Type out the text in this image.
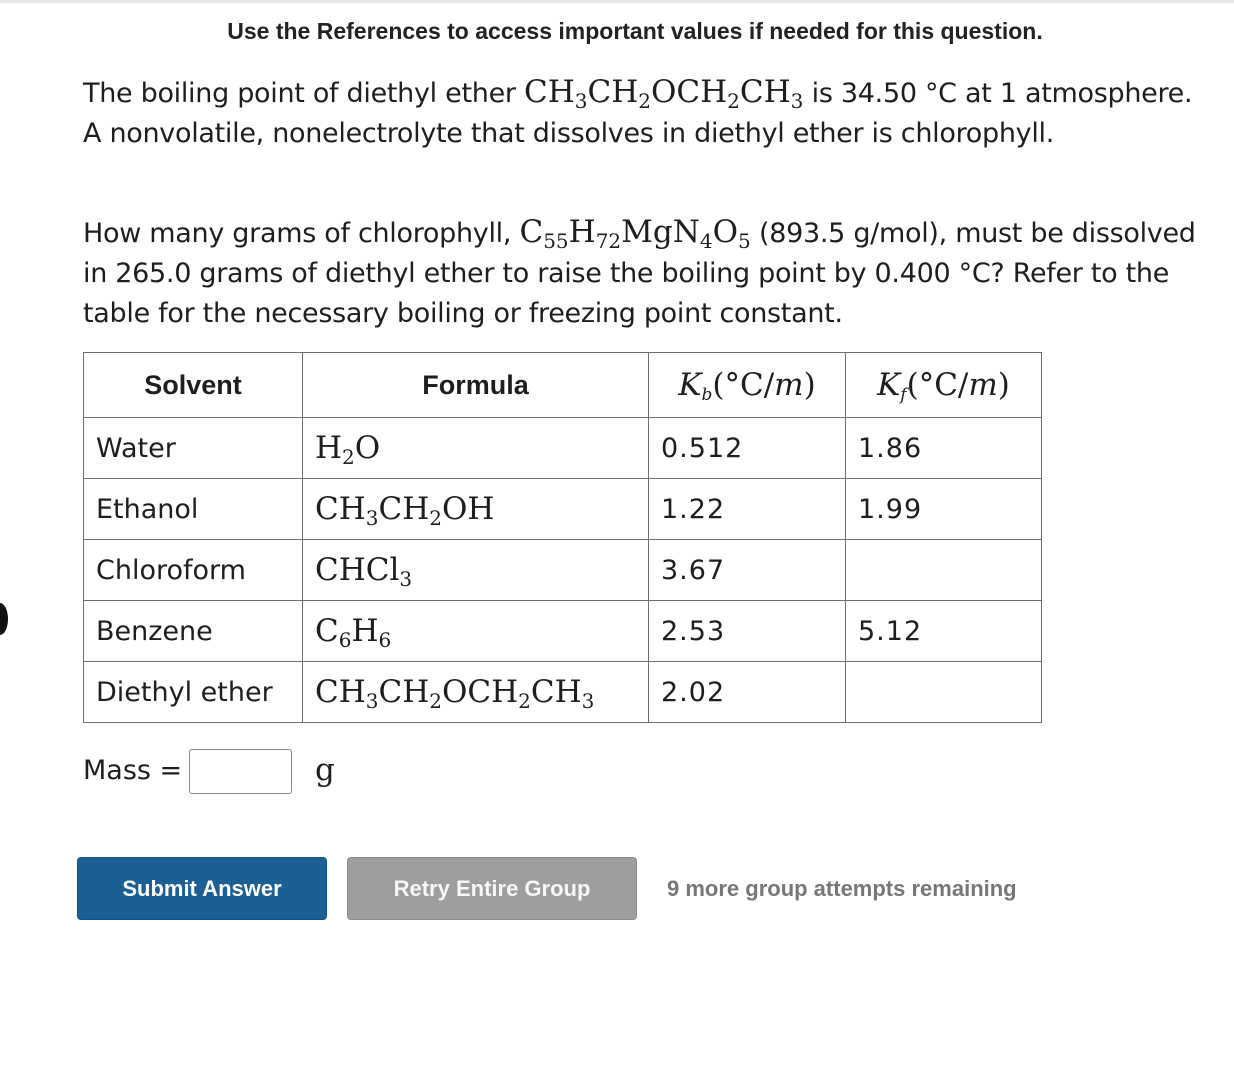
Use the References to access important values if needed for this question.
The boiling point of diethyl ether $CH_3CH_2OCH_2CH_3$ is 34.50 °C at 1 atmosphere. A nonvolatile, nonelectrolyte that dissolves in diethyl ether is chlorophyll.
How many grams of chlorophyll, $C_{55}H_{72}MgN_4O_5$ (893.5 g/mol), must be dissolved in 265.0 grams of diethyl ether to raise the boiling point by 0.400 °C? Refer to the table for the necessary boiling or freezing point constant.
Solvent	Formula	$K_b(^\circ C/m)$	$K_f(^\circ C/m)$
Water	$H_2O$	0.512	1.86
Ethanol	$CH_3CH_2OH$	1.22	1.99
Chloroform	CHCl$_3$	3.67	
Benzene	$C_6H_6$	2.53	5.12
Diethyl ether	$CH_3CH_2OCH_2CH_3$	2.02	
Mass =	g
Submit Answer	Retry Entire Group	9 more group attempts remaining
